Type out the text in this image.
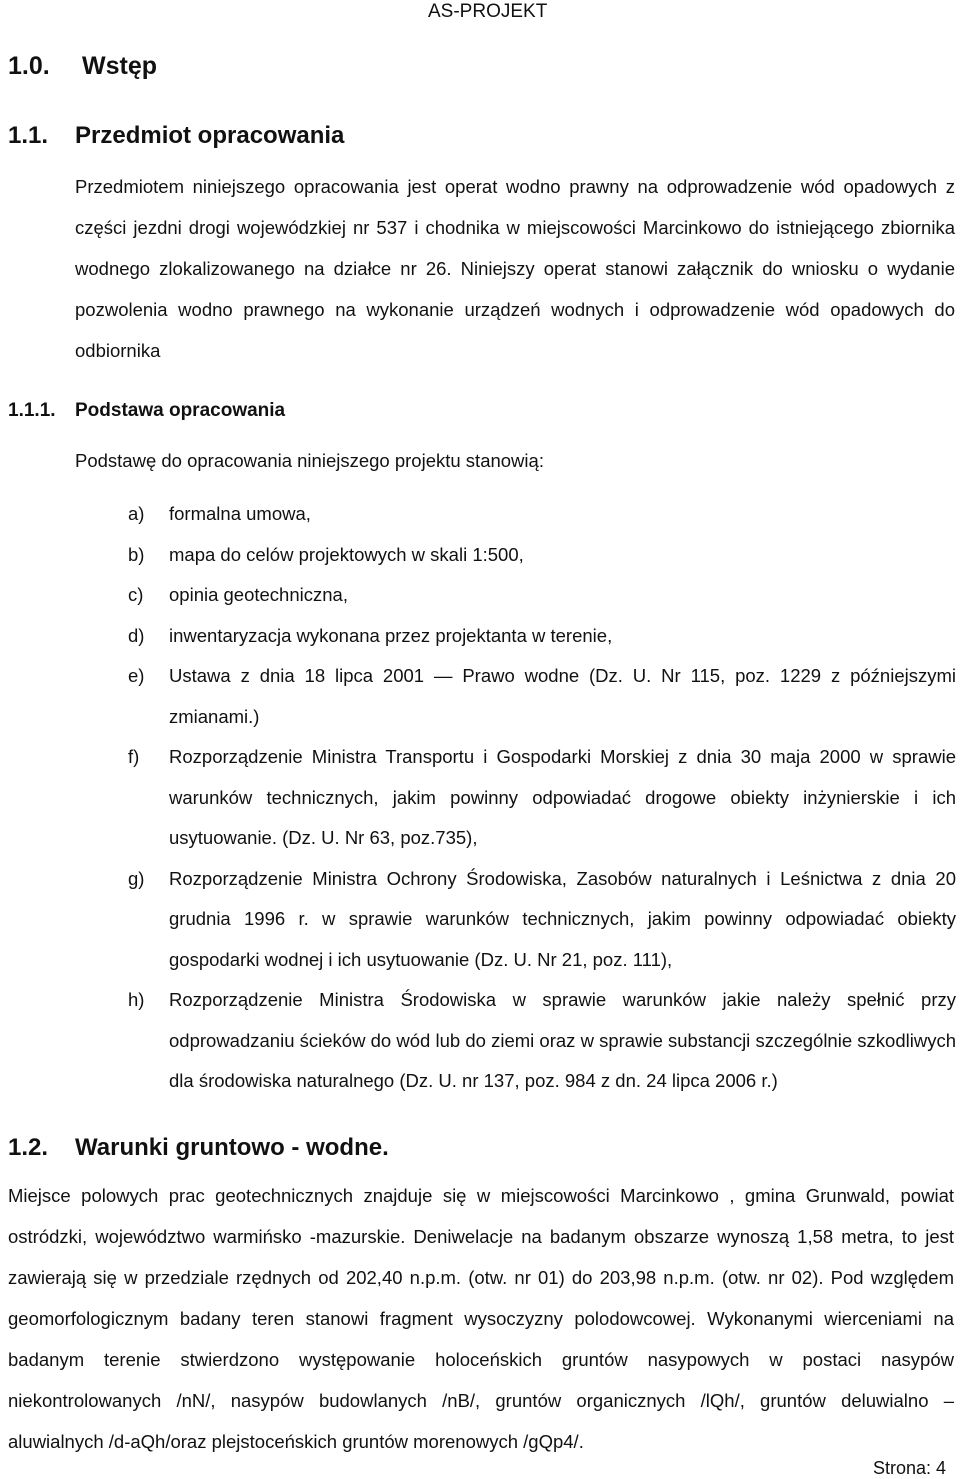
AS-PROJEKT
1.0. Wstęp
1.1. Przedmiot opracowania

Przedmiotem niniejszego opracowania jest operat wodno prawny na odprowadzenie wód opadowych z części jezdni drogi wojewódzkiej nr 537 i chodnika w miejscowości Marcinkowo do istniejącego zbiornika wodnego zlokalizowanego na działce nr 26. Niniejszy operat stanowi załącznik do wniosku o wydanie pozwolenia wodno prawnego na wykonanie urządzeń wodnych i odprowadzenie wód opadowych do odbiornika

1.1.1. Podstawa opracowania

Podstawę do opracowania niniejszego projektu stanowią:

a) formalna umowa,
b) mapa do celów projektowych w skali 1:500,
c) opinia geotechniczna,
d) inwentaryzacja wykonana przez projektanta w terenie,
e) Ustawa z dnia 18 lipca 2001 — Prawo wodne (Dz. U. Nr 115, poz. 1229 z późniejszymi zmianami.)
f) Rozporządzenie Ministra Transportu i Gospodarki Morskiej z dnia 30 maja 2000 w sprawie warunków technicznych, jakim powinny odpowiadać drogowe obiekty inżynierskie i ich usytuowanie. (Dz. U. Nr 63, poz.735),
g) Rozporządzenie Ministra Ochrony Środowiska, Zasobów naturalnych i Leśnictwa z dnia 20 grudnia 1996 r. w sprawie warunków technicznych, jakim powinny odpowiadać obiekty gospodarki wodnej i ich usytuowanie (Dz. U. Nr 21, poz. 111),
h) Rozporządzenie Ministra Środowiska w sprawie warunków jakie należy spełnić przy odprowadzaniu ścieków do wód lub do ziemi oraz w sprawie substancji szczególnie szkodliwych dla środowiska naturalnego (Dz. U. nr 137, poz. 984 z dn. 24 lipca 2006 r.)
1.2. Warunki gruntowo - wodne.

Miejsce polowych prac geotechnicznych znajduje się w miejscowości Marcinkowo , gmina Grunwald, powiat ostródzki, województwo warmińsko -mazurskie. Deniwelacje na badanym obszarze wynoszą 1,58 metra, to jest zawierają się w przedziale rzędnych od 202,40 n.p.m. (otw. nr 01) do 203,98 n.p.m. (otw. nr 02). Pod względem geomorfologicznym badany teren stanowi fragment wysoczyzny polodowcowej. Wykonanymi wierceniami na badanym terenie stwierdzono występowanie holoceńskich gruntów nasypowych w postaci nasypów niekontrolowanych /nN/, nasypów budowlanych /nB/, gruntów organicznych /lQh/, gruntów deluwialno – aluwialnych /d-aQh/oraz plejstoceńskich gruntów morenowych /gQp4/.

Strona: 4
